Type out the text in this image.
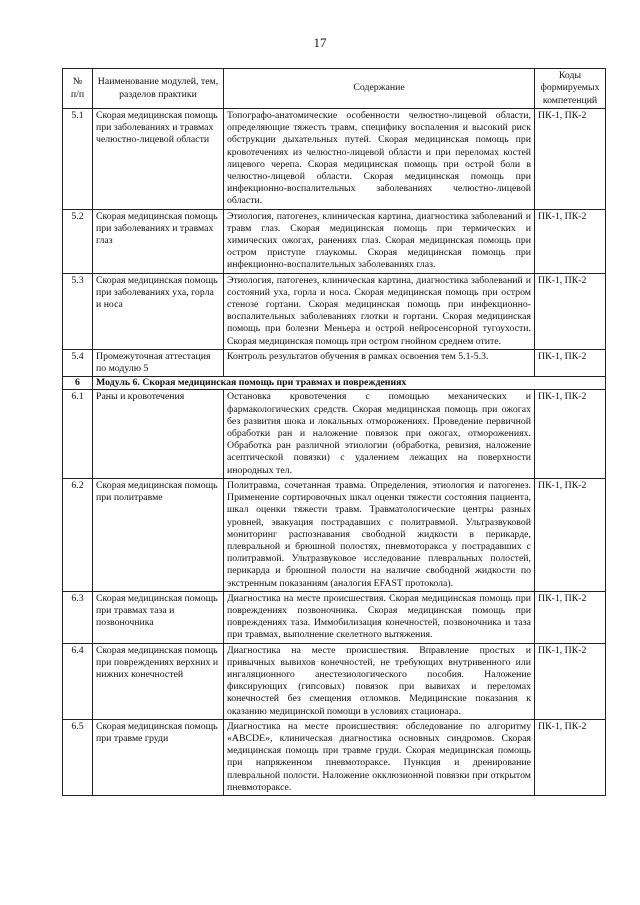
17
№
п/п	Наименование модулей, тем, разделов практики	Содержание	Коды формируемых компетенций
5.1	Скорая медицинская помощь при заболеваниях и травмах челюстно-лицевой области	Топографо-анатомические особенности челюстно-лицевой области, определяющие тяжесть травм, специфику воспаления и высокий риск обструкции дыхательных путей. Скорая медицинская помощь при кровотечениях из челюстно-лицевой области и при переломах костей лицевого черепа. Скорая медицинская помощь при острой боли в челюстно-лицевой области. Скорая медицинская помощь при инфекционно-воспалительных заболеваниях челюстно-лицевой области.	ПК-1, ПК-2
5.2	Скорая медицинская помощь при заболеваниях и травмах глаз	Этиология, патогенез, клиническая картина, диагностика заболеваний и травм глаз. Скорая медицинская помощь при термических и химических ожогах, ранениях глаз. Скорая медицинская помощь при остром приступе глаукомы. Скорая медицинская помощь при инфекционно-воспалительных заболеваниях глаз.	ПК-1, ПК-2
5.3	Скорая медицинская помощь при заболеваниях уха, горла и носа	Этиология, патогенез, клиническая картина, диагностика заболеваний и состояний уха, горла и носа. Скорая медицинская помощь при остром стенозе гортани. Скорая медицинская помощь при инфекционно-воспалительных заболеваниях глотки и гортани. Скорая медицинская помощь при болезни Меньера и острой нейросенсорной тугоухости. Скорая медицинская помощь при остром гнойном среднем отите.	ПК-1, ПК-2
5.4	Промежуточная аттестация по модулю 5	Контроль результатов обучения в рамках освоения тем 5.1-5.3.	ПК-1, ПК-2
6	Модуль 6. Скорая медицинская помощь при травмах и повреждениях		
6.1	Раны и кровотечения	Остановка кровотечения с помощью механических и фармакологических средств. Скорая медицинская помощь при ожогах без развития шока и локальных отморожениях. Проведение первичной обработки ран и наложение повязок при ожогах, отморожениях. Обработка ран различной этиологии (обработка, ревизия, наложение асептической повязки) с удалением лежащих на поверхности инородных тел.	ПК-1, ПК-2
6.2	Скорая медицинская помощь при политравме	Политравма, сочетанная травма. Определения, этиология и патогенез. Применение сортировочных шкал оценки тяжести состояния пациента, шкал оценки тяжести травм. Травматологические центры разных уровней, эвакуация пострадавших с политравмой. Ультразвуковой мониторинг распознавания свободной жидкости в перикарде, плевральной и брюшной полостях, пневмоторакса у пострадавших с политравмой. Ультразвуковое исследование плевральных полостей, перикарда и брюшной полости на наличие свободной жидкости по экстренным показаниям (аналогия EFAST протокола).	ПК-1, ПК-2
6.3	Скорая медицинская помощь при травмах таза и позвоночника	Диагностика на месте происшествия. Скорая медицинская помощь при повреждениях позвоночника. Скорая медицинская помощь при повреждениях таза. Иммобилизация конечностей, позвоночника и таза при травмах, выполнение скелетного вытяжения.	ПК-1, ПК-2
6.4	Скорая медицинская помощь при повреждениях верхних и нижних конечностей	Диагностика на месте происшествия. Вправление простых и привычных вывихов конечностей, не требующих внутривенного или ингаляционного анестезиологического пособия. Наложение фиксирующих (гипсовых) повязок при вывихах и переломах конечностей без смещения отломков. Медицинские показания к оказанию медицинской помощи в условиях стационара.	ПК-1, ПК-2
6.5	Скорая медицинская помощь при травме груди	Диагностика на месте происшествия: обследование по алгоритму «ABCDE», клиническая диагностика основных синдромов. Скорая медицинская помощь при травме груди. Скорая медицинская помощь при напряженном пневмотораксе. Пункция и дренирование плевральной полости. Наложение окклюзионной повязки при открытом пневмотораксе.	ПК-1, ПК-2
